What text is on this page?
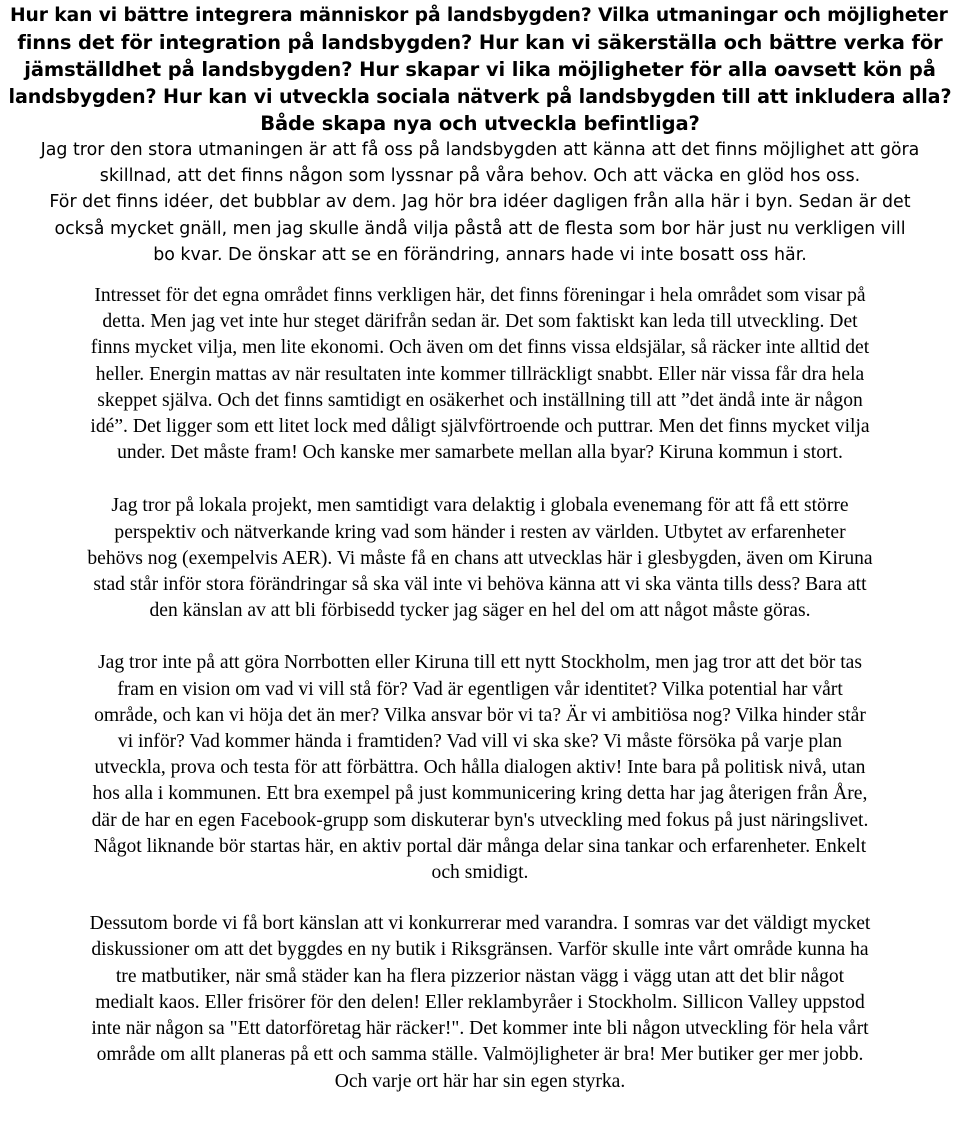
Hur kan vi bättre integrera människor på landsbygden? Vilka utmaningar och möjligheter
finns det för integration på landsbygden? Hur kan vi säkerställa och bättre verka för
jämställdhet på landsbygden? Hur skapar vi lika möjligheter för alla oavsett kön på
landsbygden? Hur kan vi utveckla sociala nätverk på landsbygden till att inkludera alla?
Både skapa nya och utveckla befintliga?
Jag tror den stora utmaningen är att få oss på landsbygden att känna att det finns möjlighet att göra
skillnad, att det finns någon som lyssnar på våra behov. Och att väcka en glöd hos oss.
För det finns idéer, det bubblar av dem. Jag hör bra idéer dagligen från alla här i byn. Sedan är det
också mycket gnäll, men jag skulle ändå vilja påstå att de flesta som bor här just nu verkligen vill
bo kvar. De önskar att se en förändring, annars hade vi inte bosatt oss här.
Intresset för det egna området finns verkligen här, det finns föreningar i hela området som visar på
detta. Men jag vet inte hur steget därifrån sedan är. Det som faktiskt kan leda till utveckling. Det
finns mycket vilja, men lite ekonomi. Och även om det finns vissa eldsjälar, så räcker inte alltid det
heller. Energin mattas av när resultaten inte kommer tillräckligt snabbt. Eller när vissa får dra hela
skeppet själva. Och det finns samtidigt en osäkerhet och inställning till att ”det ändå inte är någon
idé”. Det ligger som ett litet lock med dåligt självförtroende och puttrar. Men det finns mycket vilja
under. Det måste fram! Och kanske mer samarbete mellan alla byar? Kiruna kommun i stort.
Jag tror på lokala projekt, men samtidigt vara delaktig i globala evenemang för att få ett större
perspektiv och nätverkande kring vad som händer i resten av världen. Utbytet av erfarenheter
behövs nog (exempelvis AER). Vi måste få en chans att utvecklas här i glesbygden, även om Kiruna
stad står inför stora förändringar så ska väl inte vi behöva känna att vi ska vänta tills dess? Bara att
den känslan av att bli förbisedd tycker jag säger en hel del om att något måste göras.
Jag tror inte på att göra Norrbotten eller Kiruna till ett nytt Stockholm, men jag tror att det bör tas
fram en vision om vad vi vill stå för? Vad är egentligen vår identitet? Vilka potential har vårt
område, och kan vi höja det än mer? Vilka ansvar bör vi ta? Är vi ambitiösa nog? Vilka hinder står
vi inför? Vad kommer hända i framtiden? Vad vill vi ska ske? Vi måste försöka på varje plan
utveckla, prova och testa för att förbättra. Och hålla dialogen aktiv! Inte bara på politisk nivå, utan
hos alla i kommunen. Ett bra exempel på just kommunicering kring detta har jag återigen från Åre,
där de har en egen Facebook-grupp som diskuterar byn's utveckling med fokus på just näringslivet.
Något liknande bör startas här, en aktiv portal där många delar sina tankar och erfarenheter. Enkelt
och smidigt.
Dessutom borde vi få bort känslan att vi konkurrerar med varandra. I somras var det väldigt mycket
diskussioner om att det byggdes en ny butik i Riksgränsen. Varför skulle inte vårt område kunna ha
tre matbutiker, när små städer kan ha flera pizzerior nästan vägg i vägg utan att det blir något
medialt kaos. Eller frisörer för den delen! Eller reklambyråer i Stockholm. Sillicon Valley uppstod
inte när någon sa "Ett datorföretag här räcker!". Det kommer inte bli någon utveckling för hela vårt
område om allt planeras på ett och samma ställe. Valmöjligheter är bra! Mer butiker ger mer jobb.
Och varje ort här har sin egen styrka.
